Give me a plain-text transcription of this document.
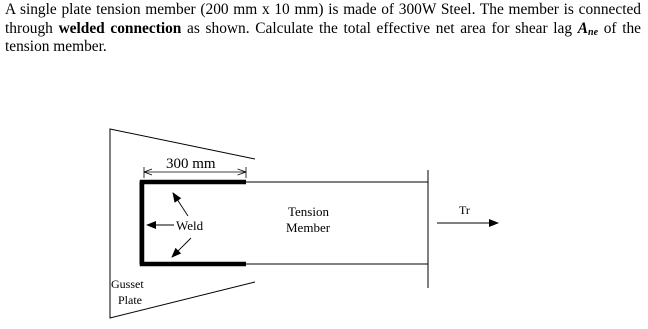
A single plate tension member (200 mm x 10 mm) is made of 300W Steel. The member is connected through welded connection as shown. Calculate the total effective net area for shear lag $A_{ne}$ of the tension member.

300 mm
Weld
Tension
Member
Tr
Gusset
Plate
